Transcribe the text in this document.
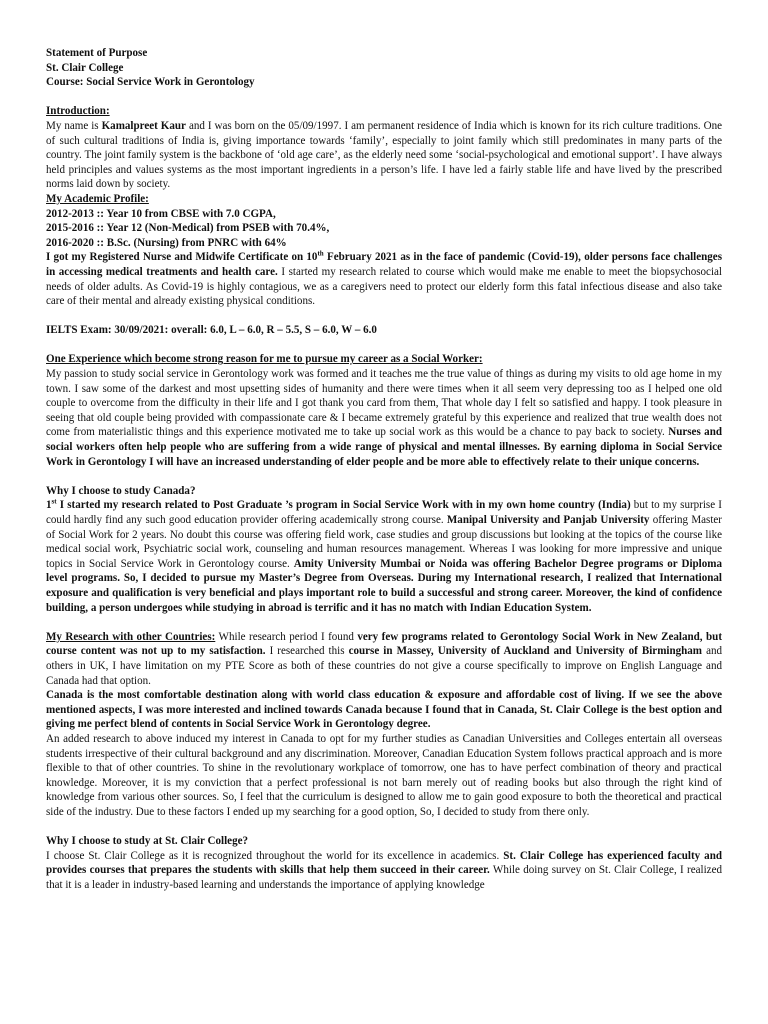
Statement of Purpose
St. Clair College
Course: Social Service Work in Gerontology
Introduction:

My name is Kamalpreet Kaur and I was born on the 05/09/1997. I am permanent residence of India which is known for its rich culture traditions. One of such cultural traditions of India is, giving importance towards ‘family’, especially to joint family which still predominates in many parts of the country. The joint family system is the backbone of ‘old age care’, as the elderly need some ‘social-psychological and emotional support’. I have always held principles and values systems as the most important ingredients in a person’s life. I have led a fairly stable life and have lived by the prescribed norms laid down by society.

My Academic Profile:
2012-2013 :: Year 10 from CBSE with 7.0 CGPA,
2015-2016 :: Year 12 (Non-Medical) from PSEB with 70.4%,
2016-2020 :: B.Sc. (Nursing) from PNRC with 64%

I got my Registered Nurse and Midwife Certificate on 10th February 2021 as in the face of pandemic (Covid-19), older persons face challenges in accessing medical treatments and health care. I started my research related to course which would make me enable to meet the biopsychosocial needs of older adults. As Covid-19 is highly contagious, we as a caregivers need to protect our elderly form this fatal infectious disease and also take care of their mental and already existing physical conditions.

IELTS Exam: 30/09/2021: overall: 6.0, L – 6.0, R – 5.5, S – 6.0, W – 6.0
One Experience which become strong reason for me to pursue my career as a Social Worker:

My passion to study social service in Gerontology work was formed and it teaches me the true value of things as during my visits to old age home in my town. I saw some of the darkest and most upsetting sides of humanity and there were times when it all seem very depressing too as I helped one old couple to overcome from the difficulty in their life and I got thank you card from them, That whole day I felt so satisfied and happy. I took pleasure in seeing that old couple being provided with compassionate care & I became extremely grateful by this experience and realized that true wealth does not come from materialistic things and this experience motivated me to take up social work as this would be a chance to pay back to society. Nurses and social workers often help people who are suffering from a wide range of physical and mental illnesses. By earning diploma in Social Service Work in Gerontology I will have an increased understanding of elder people and be more able to effectively relate to their unique concerns.

Why I choose to study Canada?

1st I started my research related to Post Graduate ’s program in Social Service Work with in my own home country (India) but to my surprise I could hardly find any such good education provider offering academically strong course. Manipal University and Panjab University offering Master of Social Work for 2 years. No doubt this course was offering field work, case studies and group discussions but looking at the topics of the course like medical social work, Psychiatric social work, counseling and human resources management. Whereas I was looking for more impressive and unique topics in Social Service Work in Gerontology course. Amity University Mumbai or Noida was offering Bachelor Degree programs or Diploma level programs. So, I decided to pursue my Master’s Degree from Overseas. During my International research, I realized that International exposure and qualification is very beneficial and plays important role to build a successful and strong career. Moreover, the kind of confidence building, a person undergoes while studying in abroad is terrific and it has no match with Indian Education System.

My Research with other Countries: While research period I found very few programs related to Gerontology Social Work in New Zealand, but course content was not up to my satisfaction. I researched this course in Massey, University of Auckland and University of Birmingham and others in UK, I have limitation on my PTE Score as both of these countries do not give a course specifically to improve on English Language and Canada had that option.

Canada is the most comfortable destination along with world class education & exposure and affordable cost of living. If we see the above mentioned aspects, I was more interested and inclined towards Canada because I found that in Canada, St. Clair College is the best option and giving me perfect blend of contents in Social Service Work in Gerontology degree.

An added research to above induced my interest in Canada to opt for my further studies as Canadian Universities and Colleges entertain all overseas students irrespective of their cultural background and any discrimination. Moreover, Canadian Education System follows practical approach and is more flexible to that of other countries. To shine in the revolutionary workplace of tomorrow, one has to have perfect combination of theory and practical knowledge. Moreover, it is my conviction that a perfect professional is not barn merely out of reading books but also through the right kind of knowledge from various other sources. So, I feel that the curriculum is designed to allow me to gain good exposure to both the theoretical and practical side of the industry. Due to these factors I ended up my searching for a good option, So, I decided to study from there only.

Why I choose to study at St. Clair College?

I choose St. Clair College as it is recognized throughout the world for its excellence in academics. St. Clair College has experienced faculty and provides courses that prepares the students with skills that help them succeed in their career. While doing survey on St. Clair College, I realized that it is a leader in industry-based learning and understands the importance of applying knowledge
